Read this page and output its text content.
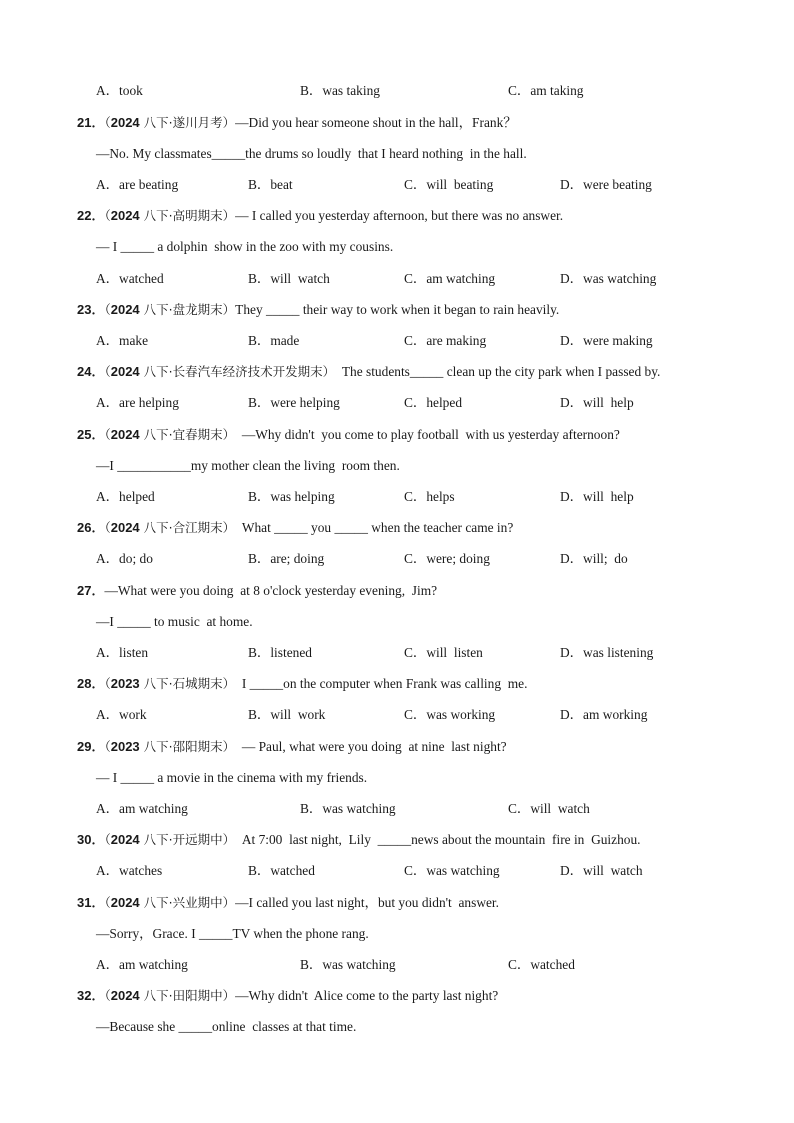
A．took	B．was taking	C．am taking
21．（2024 八下·遂川月考）—Did you hear someone shout in the hall，Frank？
—No. My classmates_____the drums so loudly  that I heard nothing  in the hall.
A．are beating	B．beat	C．will  beating	D．were beating
22．（2024 八下·高明期末）— I called you yesterday afternoon, but there was no answer.
— I _____ a dolphin  show in the zoo with my cousins.
A．watched	B．will  watch	C．am watching	D．was watching
23．（2024 八下·盘龙期末）They _____ their way to work when it began to rain heavily.
A．make	B．made	C．are making	D．were making
24．（2024 八下·长春汽车经济技术开发期末）  The students_____ clean up the city park when I passed by.
A．are helping	B．were helping	C．helped	D．will  help
25．（2024 八下·宜春期末）  —Why didn't  you come to play football  with us yesterday afternoon?
—I ___________my mother clean the living  room then.
A．helped	B．was helping	C．helps	D．will  help
26．（2024 八下·合江期末）  What _____ you _____ when the teacher came in?
A．do; do	B．are; doing	C．were; doing	D．will;  do
27．—What were you doing  at 8 o'clock yesterday evening,  Jim?
—I _____ to music  at home.
A．listen	B．listened	C．will  listen	D．was listening
28．（2023 八下·石城期末）  I _____on the computer when Frank was calling  me.
A．work	B．will  work	C．was working	D．am working
29．（2023 八下·邵阳期末）  — Paul, what were you doing  at nine  last night?
— I _____ a movie in the cinema with my friends.
A．am watching	B．was watching	C．will  watch
30．（2024 八下·开远期中）  At 7:00  last night,  Lily  _____news about the mountain  fire in  Guizhou.
A．watches	B．watched	C．was watching	D．will  watch
31．（2024 八下·兴业期中）—I called you last night，but you didn't  answer.
—Sorry，Grace. I _____TV when the phone rang.
A．am watching	B．was watching	C．watched
32．（2024 八下·田阳期中）—Why didn't  Alice come to the party last night?
—Because she _____online  classes at that time.
